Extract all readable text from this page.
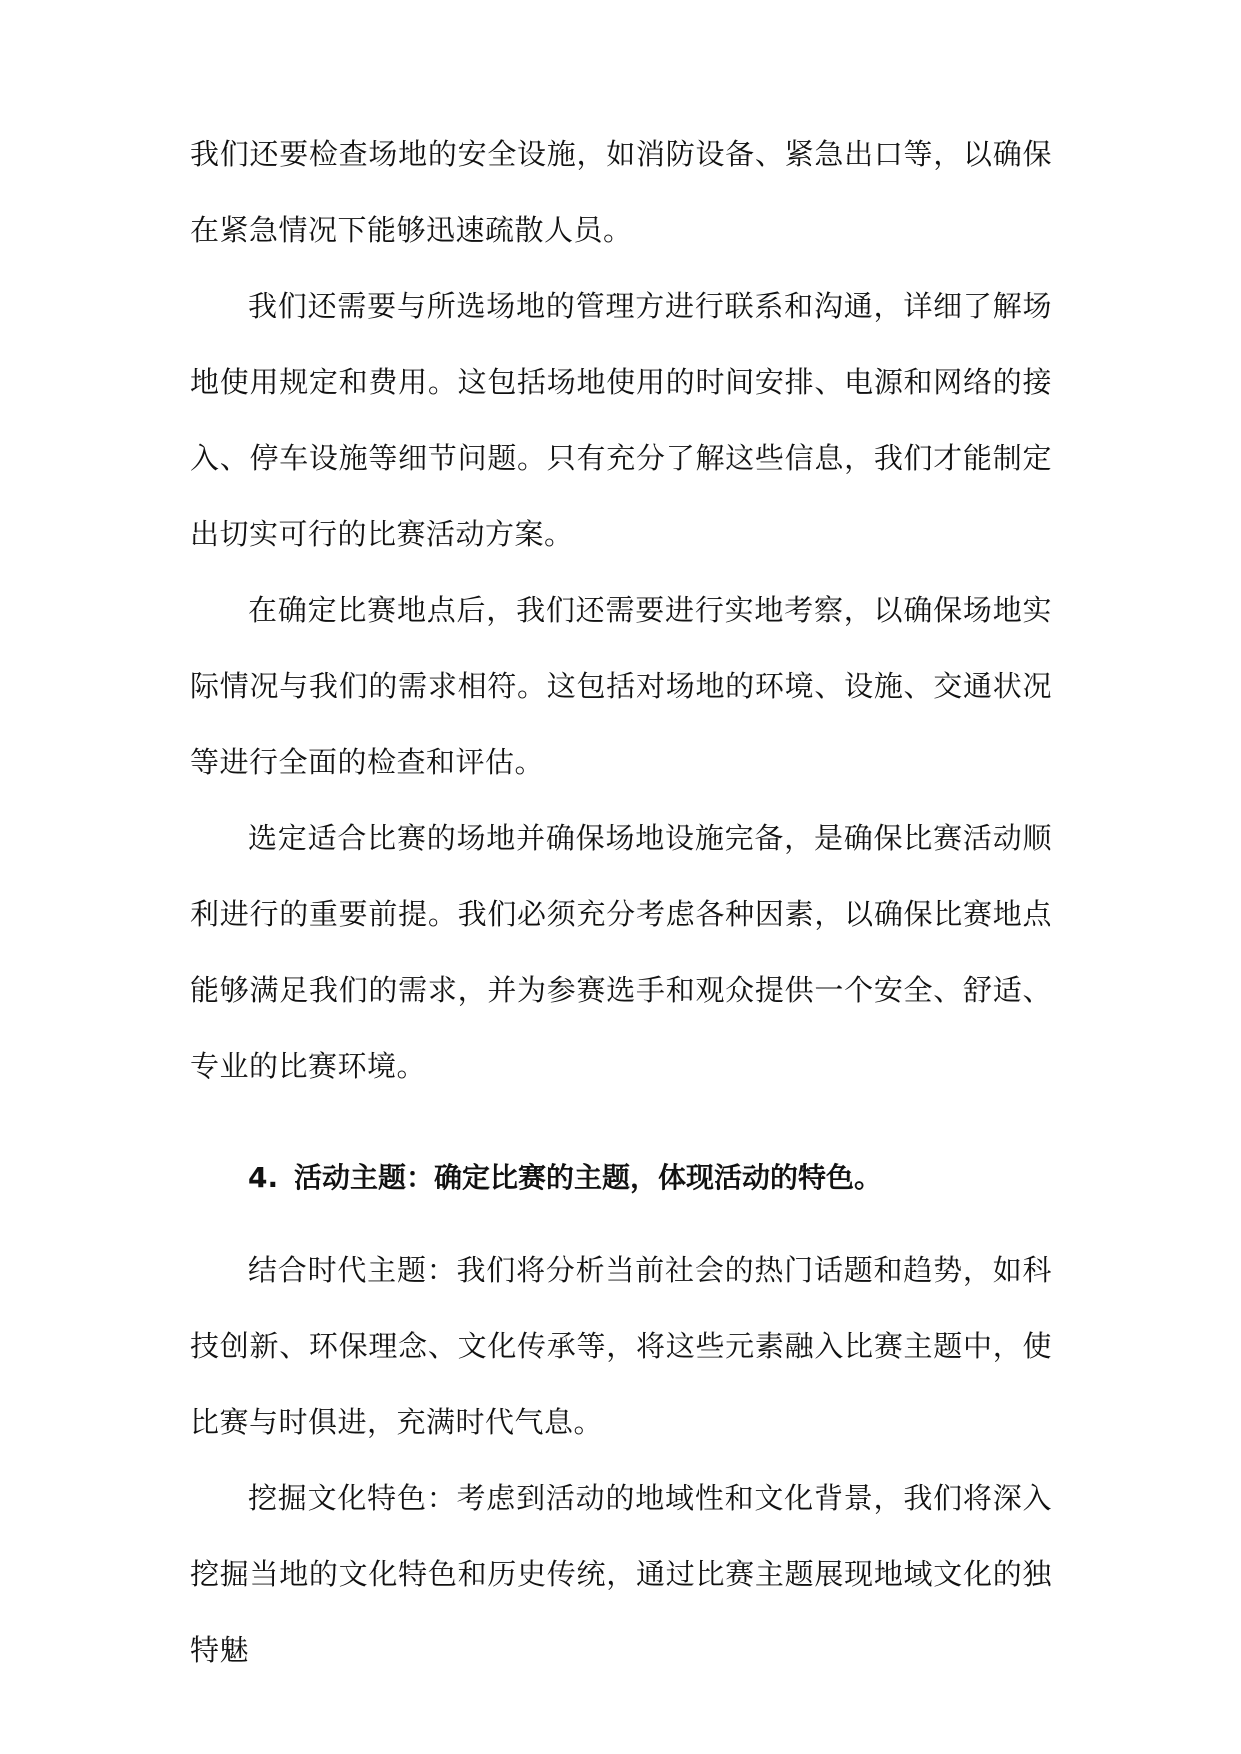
我们还要检查场地的安全设施，如消防设备、紧急出口等，以确保在紧急情况下能够迅速疏散人员。

我们还需要与所选场地的管理方进行联系和沟通，详细了解场地使用规定和费用。这包括场地使用的时间安排、电源和网络的接入、停车设施等细节问题。只有充分了解这些信息，我们才能制定出切实可行的比赛活动方案。

在确定比赛地点后，我们还需要进行实地考察，以确保场地实际情况与我们的需求相符。这包括对场地的环境、设施、交通状况等进行全面的检查和评估。

选定适合比赛的场地并确保场地设施完备，是确保比赛活动顺利进行的重要前提。我们必须充分考虑各种因素，以确保比赛地点能够满足我们的需求，并为参赛选手和观众提供一个安全、舒适、专业的比赛环境。

4. 活动主题：确定比赛的主题，体现活动的特色。

结合时代主题：我们将分析当前社会的热门话题和趋势，如科技创新、环保理念、文化传承等，将这些元素融入比赛主题中，使比赛与时俱进，充满时代气息。

挖掘文化特色：考虑到活动的地域性和文化背景，我们将深入挖掘当地的文化特色和历史传统，通过比赛主题展现地域文化的独特魅
